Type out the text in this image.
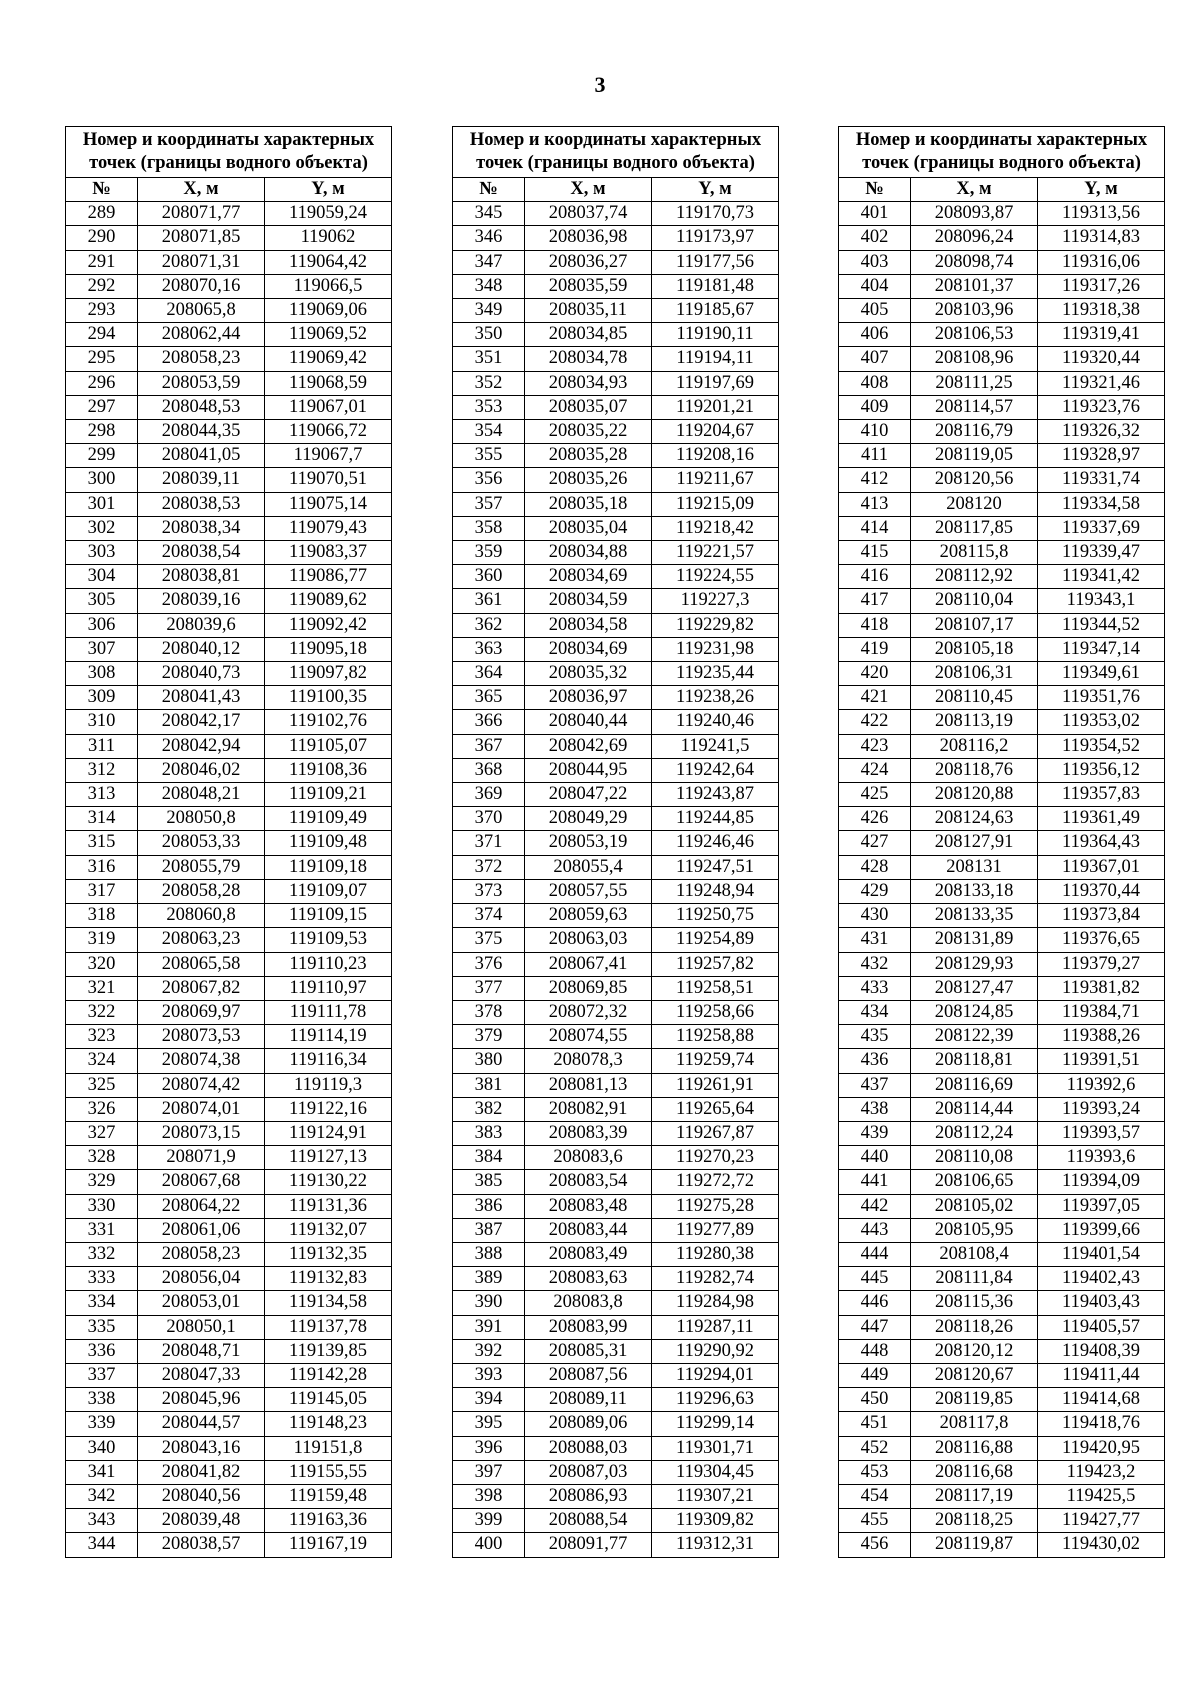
3
Номер и координаты характерных точек (границы водного объекта)		
№	X, м	Y, м
289	208071,77	119059,24
290	208071,85	119062
291	208071,31	119064,42
292	208070,16	119066,5
293	208065,8	119069,06
294	208062,44	119069,52
295	208058,23	119069,42
296	208053,59	119068,59
297	208048,53	119067,01
298	208044,35	119066,72
299	208041,05	119067,7
300	208039,11	119070,51
301	208038,53	119075,14
302	208038,34	119079,43
303	208038,54	119083,37
304	208038,81	119086,77
305	208039,16	119089,62
306	208039,6	119092,42
307	208040,12	119095,18
308	208040,73	119097,82
309	208041,43	119100,35
310	208042,17	119102,76
311	208042,94	119105,07
312	208046,02	119108,36
313	208048,21	119109,21
314	208050,8	119109,49
315	208053,33	119109,48
316	208055,79	119109,18
317	208058,28	119109,07
318	208060,8	119109,15
319	208063,23	119109,53
320	208065,58	119110,23
321	208067,82	119110,97
322	208069,97	119111,78
323	208073,53	119114,19
324	208074,38	119116,34
325	208074,42	119119,3
326	208074,01	119122,16
327	208073,15	119124,91
328	208071,9	119127,13
329	208067,68	119130,22
330	208064,22	119131,36
331	208061,06	119132,07
332	208058,23	119132,35
333	208056,04	119132,83
334	208053,01	119134,58
335	208050,1	119137,78
336	208048,71	119139,85
337	208047,33	119142,28
338	208045,96	119145,05
339	208044,57	119148,23
340	208043,16	119151,8
341	208041,82	119155,55
342	208040,56	119159,48
343	208039,48	119163,36
344	208038,57	119167,19
Номер и координаты характерных точек (границы водного объекта)		
№	X, м	Y, м
345	208037,74	119170,73
346	208036,98	119173,97
347	208036,27	119177,56
348	208035,59	119181,48
349	208035,11	119185,67
350	208034,85	119190,11
351	208034,78	119194,11
352	208034,93	119197,69
353	208035,07	119201,21
354	208035,22	119204,67
355	208035,28	119208,16
356	208035,26	119211,67
357	208035,18	119215,09
358	208035,04	119218,42
359	208034,88	119221,57
360	208034,69	119224,55
361	208034,59	119227,3
362	208034,58	119229,82
363	208034,69	119231,98
364	208035,32	119235,44
365	208036,97	119238,26
366	208040,44	119240,46
367	208042,69	119241,5
368	208044,95	119242,64
369	208047,22	119243,87
370	208049,29	119244,85
371	208053,19	119246,46
372	208055,4	119247,51
373	208057,55	119248,94
374	208059,63	119250,75
375	208063,03	119254,89
376	208067,41	119257,82
377	208069,85	119258,51
378	208072,32	119258,66
379	208074,55	119258,88
380	208078,3	119259,74
381	208081,13	119261,91
382	208082,91	119265,64
383	208083,39	119267,87
384	208083,6	119270,23
385	208083,54	119272,72
386	208083,48	119275,28
387	208083,44	119277,89
388	208083,49	119280,38
389	208083,63	119282,74
390	208083,8	119284,98
391	208083,99	119287,11
392	208085,31	119290,92
393	208087,56	119294,01
394	208089,11	119296,63
395	208089,06	119299,14
396	208088,03	119301,71
397	208087,03	119304,45
398	208086,93	119307,21
399	208088,54	119309,82
400	208091,77	119312,31
Номер и координаты характерных точек (границы водного объекта)		
№	X, м	Y, м
401	208093,87	119313,56
402	208096,24	119314,83
403	208098,74	119316,06
404	208101,37	119317,26
405	208103,96	119318,38
406	208106,53	119319,41
407	208108,96	119320,44
408	208111,25	119321,46
409	208114,57	119323,76
410	208116,79	119326,32
411	208119,05	119328,97
412	208120,56	119331,74
413	208120	119334,58
414	208117,85	119337,69
415	208115,8	119339,47
416	208112,92	119341,42
417	208110,04	119343,1
418	208107,17	119344,52
419	208105,18	119347,14
420	208106,31	119349,61
421	208110,45	119351,76
422	208113,19	119353,02
423	208116,2	119354,52
424	208118,76	119356,12
425	208120,88	119357,83
426	208124,63	119361,49
427	208127,91	119364,43
428	208131	119367,01
429	208133,18	119370,44
430	208133,35	119373,84
431	208131,89	119376,65
432	208129,93	119379,27
433	208127,47	119381,82
434	208124,85	119384,71
435	208122,39	119388,26
436	208118,81	119391,51
437	208116,69	119392,6
438	208114,44	119393,24
439	208112,24	119393,57
440	208110,08	119393,6
441	208106,65	119394,09
442	208105,02	119397,05
443	208105,95	119399,66
444	208108,4	119401,54
445	208111,84	119402,43
446	208115,36	119403,43
447	208118,26	119405,57
448	208120,12	119408,39
449	208120,67	119411,44
450	208119,85	119414,68
451	208117,8	119418,76
452	208116,88	119420,95
453	208116,68	119423,2
454	208117,19	119425,5
455	208118,25	119427,77
456	208119,87	119430,02
